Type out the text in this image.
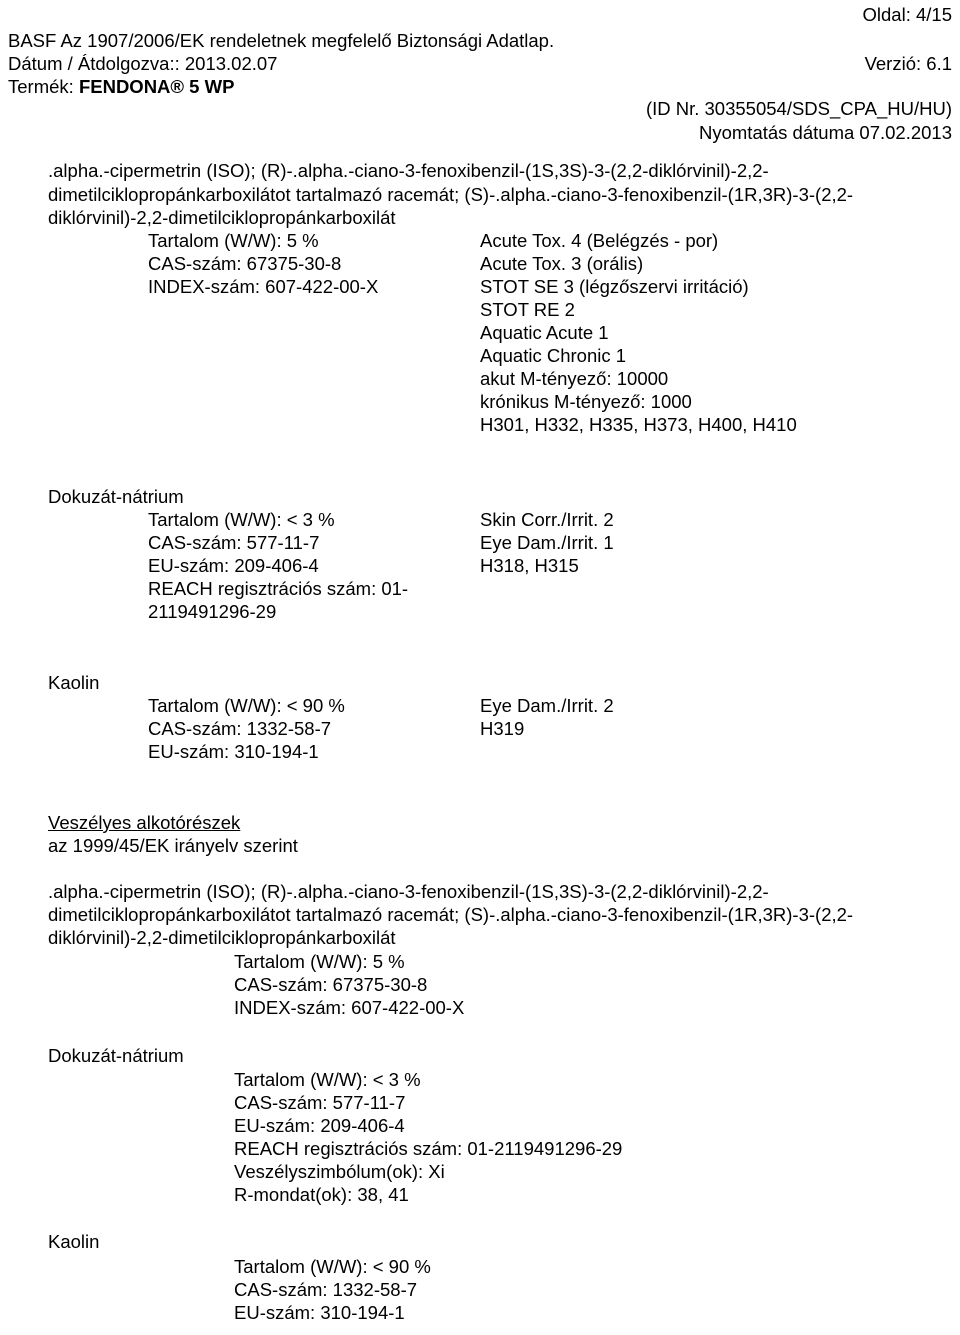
Oldal: 4/15
BASF Az 1907/2006/EK rendeletnek megfelelő Biztonsági Adatlap.
Dátum / Átdolgozva:: 2013.02.07	Verzió: 6.1
Termék: FENDONA® 5 WP
(ID Nr. 30355054/SDS_CPA_HU/HU)
Nyomtatás dátuma 07.02.2013
.alpha.-cipermetrin (ISO); (R)-.alpha.-ciano-3-fenoxibenzil-(1S,3S)-3-(2,2-diklórvinil)-2,2-
dimetilciklopropánkarboxilátot tartalmazó racemát; (S)-.alpha.-ciano-3-fenoxibenzil-(1R,3R)-3-(2,2-
diklórvinil)-2,2-dimetilciklopropánkarboxilát
Tartalom (W/W): 5 %
CAS-szám: 67375-30-8
INDEX-szám: 607-422-00-X
Acute Tox. 4 (Belégzés - por)
Acute Tox. 3 (orális)
STOT SE 3 (légzőszervi irritáció)
STOT RE 2
Aquatic Acute 1
Aquatic Chronic 1
akut M-tényező: 10000
krónikus M-tényező: 1000
H301, H332, H335, H373, H400, H410
Dokuzát-nátrium
Tartalom (W/W): < 3 %
CAS-szám: 577-11-7
EU-szám: 209-406-4
REACH regisztrációs szám: 01-
2119491296-29
Skin Corr./Irrit. 2
Eye Dam./Irrit. 1
H318, H315
Kaolin
Tartalom (W/W): < 90 %
CAS-szám: 1332-58-7
EU-szám: 310-194-1
Eye Dam./Irrit. 2
H319
Veszélyes alkotórészek
az 1999/45/EK irányelv szerint
.alpha.-cipermetrin (ISO); (R)-.alpha.-ciano-3-fenoxibenzil-(1S,3S)-3-(2,2-diklórvinil)-2,2-
dimetilciklopropánkarboxilátot tartalmazó racemát; (S)-.alpha.-ciano-3-fenoxibenzil-(1R,3R)-3-(2,2-
diklórvinil)-2,2-dimetilciklopropánkarboxilát
Tartalom (W/W): 5 %
CAS-szám: 67375-30-8
INDEX-szám: 607-422-00-X
Dokuzát-nátrium
Tartalom (W/W): < 3 %
CAS-szám: 577-11-7
EU-szám: 209-406-4
REACH regisztrációs szám: 01-2119491296-29
Veszélyszimbólum(ok): Xi
R-mondat(ok): 38, 41
Kaolin
Tartalom (W/W): < 90 %
CAS-szám: 1332-58-7
EU-szám: 310-194-1
